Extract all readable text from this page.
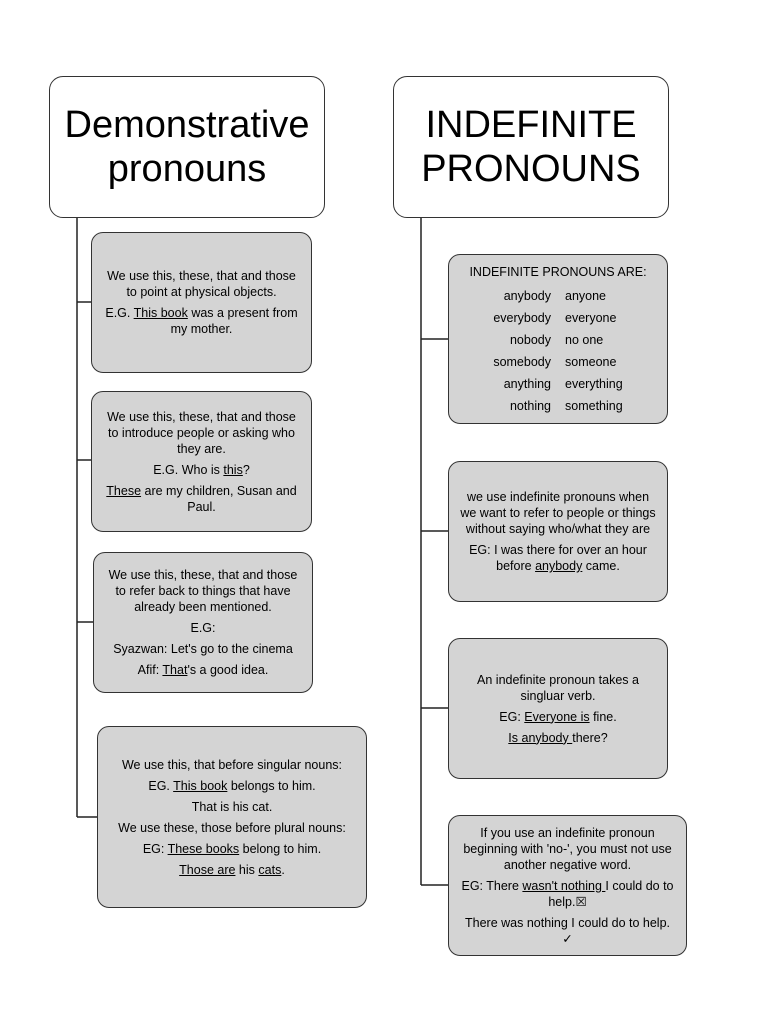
Demonstrative
pronouns

We use this, these, that and those to point at physical objects.

E.G. This book was a present from my mother.

We use this, these, that and those to introduce people or asking who they are.

E.G. Who is this?

These are my children, Susan and Paul.

We use this, these, that and those to refer back to things that have already been mentioned.

E.G:

Syazwan: Let's go to the cinema

Afif: That's a good idea.

We use this, that before singular nouns:

EG. This book belongs to him.

That is his cat.

We use these, those before plural nouns:

EG: These books belong to him.

Those are his cats.

INDEFINITE
PRONOUNS

INDEFINITE PRONOUNS ARE:

anybody anyone
everybody everyone
nobody no one
somebody someone
anything everything
nothing something

we use indefinite pronouns when we want to refer to people or things without saying who/what they are

EG: I was there for over an hour before anybody came.

An indefinite pronoun takes a singluar verb.

EG: Everyone is fine.

Is anybody there?

If you use an indefinite pronoun beginning with 'no-', you must not use another negative word.

EG: There wasn't nothing I could do to help.☒

There was nothing I could do to help. ✓
